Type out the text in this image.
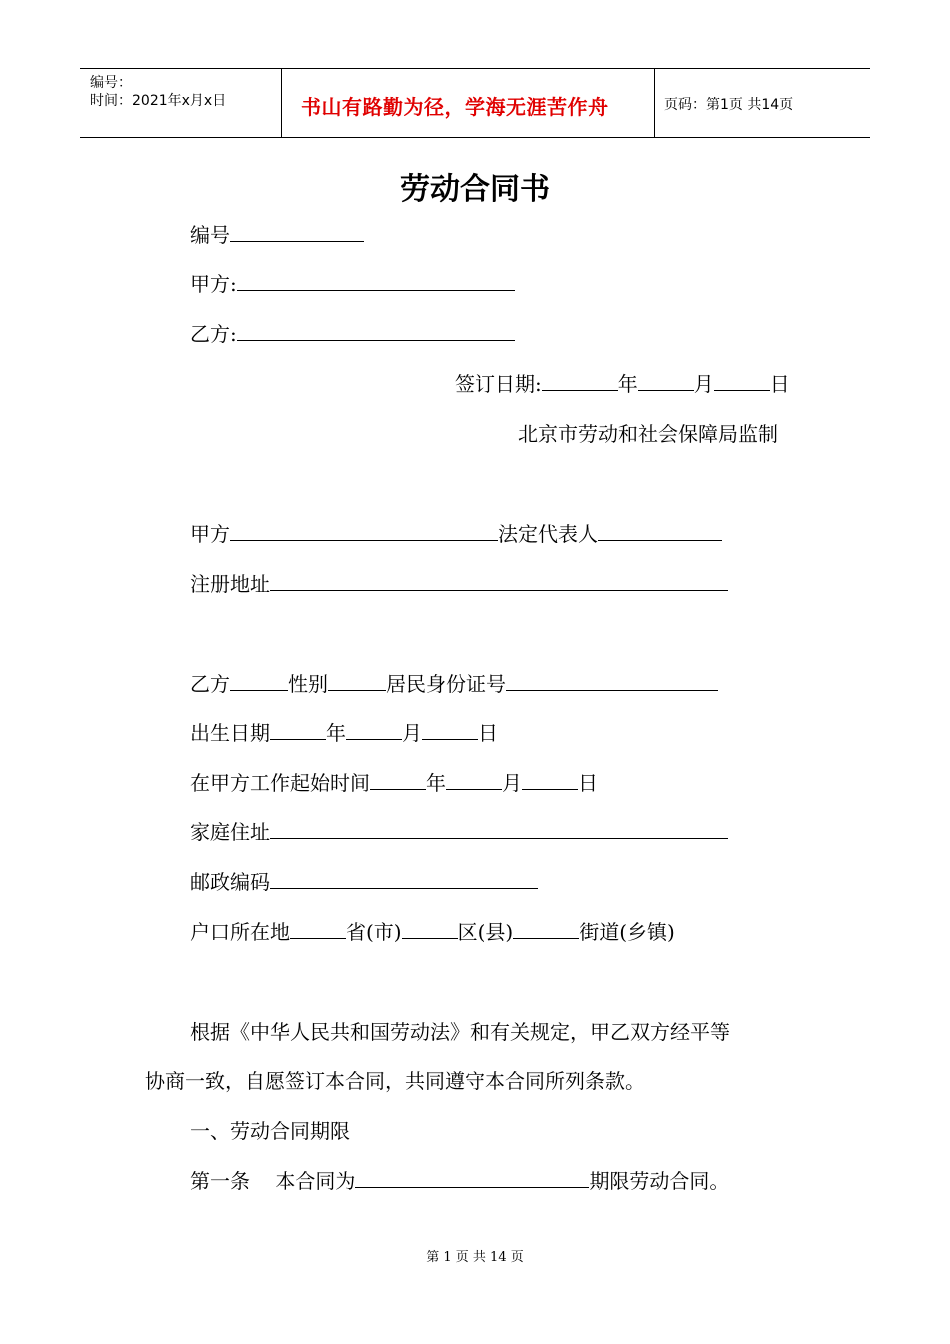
编号：
时间：2021年x月x日	书山有路勤为径，学海无涯苦作舟	页码：第1页 共14页
劳动合同书
编号
甲方:
乙方:
签订日期:	年	月	日
北京市劳动和社会保障局监制
甲方	法定代表人
注册地址
乙方	性别	居民身份证号
出生日期	年	月	日
在甲方工作起始时间	年	月	日
家庭住址
邮政编码
户口所在地	省(市)	区(县)	街道(乡镇)
根据《中华人民共和国劳动法》和有关规定，甲乙双方经平等
协商一致，自愿签订本合同，共同遵守本合同所列条款。
一、劳动合同期限
第一条    本合同为	期限劳动合同。
第 1 页 共 14 页
